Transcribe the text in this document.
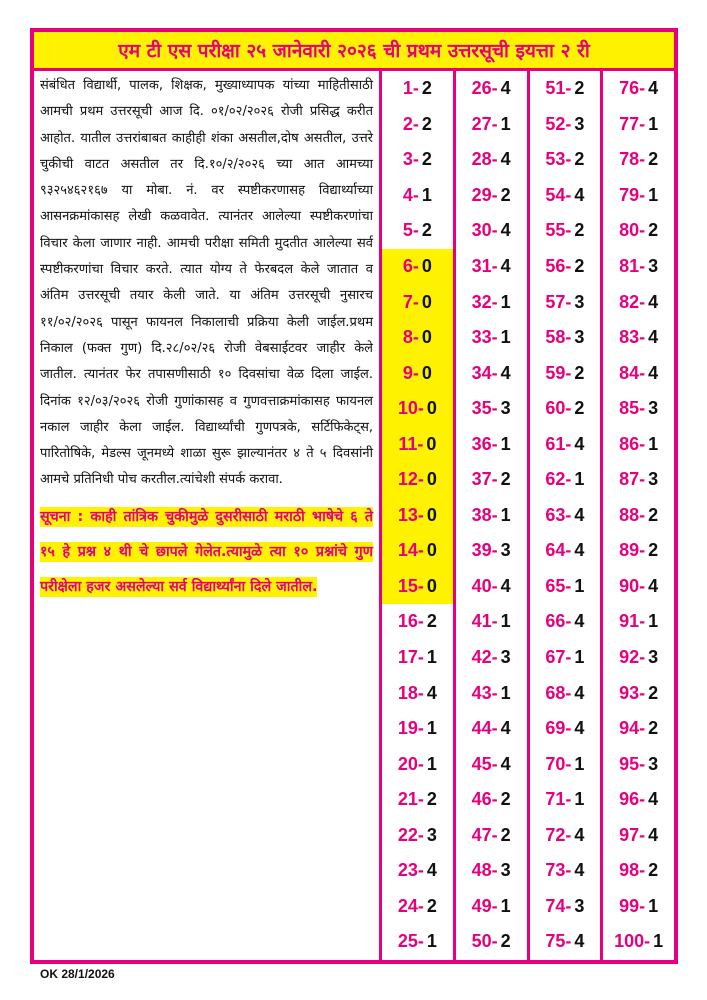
एम टी एस परीक्षा २५ जानेवारी २०२६ ची प्रथम उत्तरसूची इयत्ता २ री

संबंधित विद्यार्थी, पालक, शिक्षक, मुख्याध्यापक यांच्या माहितीसाठी आमची प्रथम उत्तरसूची आज दि. ०१/०२/२०२६ रोजी प्रसिद्ध करीत आहोत. यातील उत्तरांबाबत काहीही शंका असतील,दोष असतील, उत्तरे चुकीची वाटत असतील तर दि.१०/२/२०२६ च्या आत आमच्या ९३२५४६२१६७ या मोबा. नं. वर स्पष्टीकरणासह विद्यार्थ्याच्या आसनक्रमांकासह लेखी कळवावेत. त्यानंतर आलेल्या स्पष्टीकरणांचा विचार केला जाणार नाही. आमची परीक्षा समिती मुदतीत आलेल्या सर्व स्पष्टीकरणांचा विचार करते. त्यात योग्य ते फेरबदल केले जातात व अंतिम उत्तरसूची तयार केली जाते. या अंतिम उत्तरसूची नुसारच ११/०२/२०२६ पासून फायनल निकालाची प्रक्रिया केली जाईल.प्रथम निकाल (फक्त गुण) दि.२८/०२/२६ रोजी वेबसाईटवर जाहीर केले जातील. त्यानंतर फेर तपासणीसाठी १० दिवसांचा वेळ दिला जाईल. दिनांक १२/०३/२०२६ रोजी गुणांकासह व गुणवत्ताक्रमांकासह फायनल नकाल जाहीर केला जाईल. विद्यार्थ्यांची गुणपत्रके, सर्टिफिकेट्स, पारितोषिके, मेडल्स जूनमध्ये शाळा सुरू झाल्यानंतर ४ ते ५ दिवसांनी आमचे प्रतिनिधी पोच करतील.त्यांचेशी संपर्क करावा.

सूचना : काही तांत्रिक चुकीमुळे दुसरीसाठी मराठी भाषेचे ६ ते १५ हे प्रश्न ४ थी चे छापले गेलेत.त्यामुळे त्या १० प्रश्नांचे गुण परीक्षेला हजर असलेल्या सर्व विद्यार्थ्यांना दिले जातील.
1 - 2
2 - 2
3 - 2
4 - 1
5 - 2
6 - 0
7 - 0
8 - 0
9 - 0
10 - 0
11 - 0
12 - 0
13 - 0
14 - 0
15 - 0
16 - 2
17 - 1
18 - 4
19 - 1
20 - 1
21 - 2
22 - 3
23 - 4
24 - 2
25 - 1
26 - 4
27 - 1
28 - 4
29 - 2
30 - 4
31 - 4
32 - 1
33 - 1
34 - 4
35 - 3
36 - 1
37 - 2
38 - 1
39 - 3
40 - 4
41 - 1
42 - 3
43 - 1
44 - 4
45 - 4
46 - 2
47 - 2
48 - 3
49 - 1
50 - 2
51 - 2
52 - 3
53 - 2
54 - 4
55 - 2
56 - 2
57 - 3
58 - 3
59 - 2
60 - 2
61 - 4
62 - 1
63 - 4
64 - 4
65 - 1
66 - 4
67 - 1
68 - 4
69 - 4
70 - 1
71 - 1
72 - 4
73 - 4
74 - 3
75 - 4
76 - 4
77 - 1
78 - 2
79 - 1
80 - 2
81 - 3
82 - 4
83 - 4
84 - 4
85 - 3
86 - 1
87 - 3
88 - 2
89 - 2
90 - 4
91 - 1
92 - 3
93 - 2
94 - 2
95 - 3
96 - 4
97 - 4
98 - 2
99 - 1
100 - 1
OK 28/1/2026
